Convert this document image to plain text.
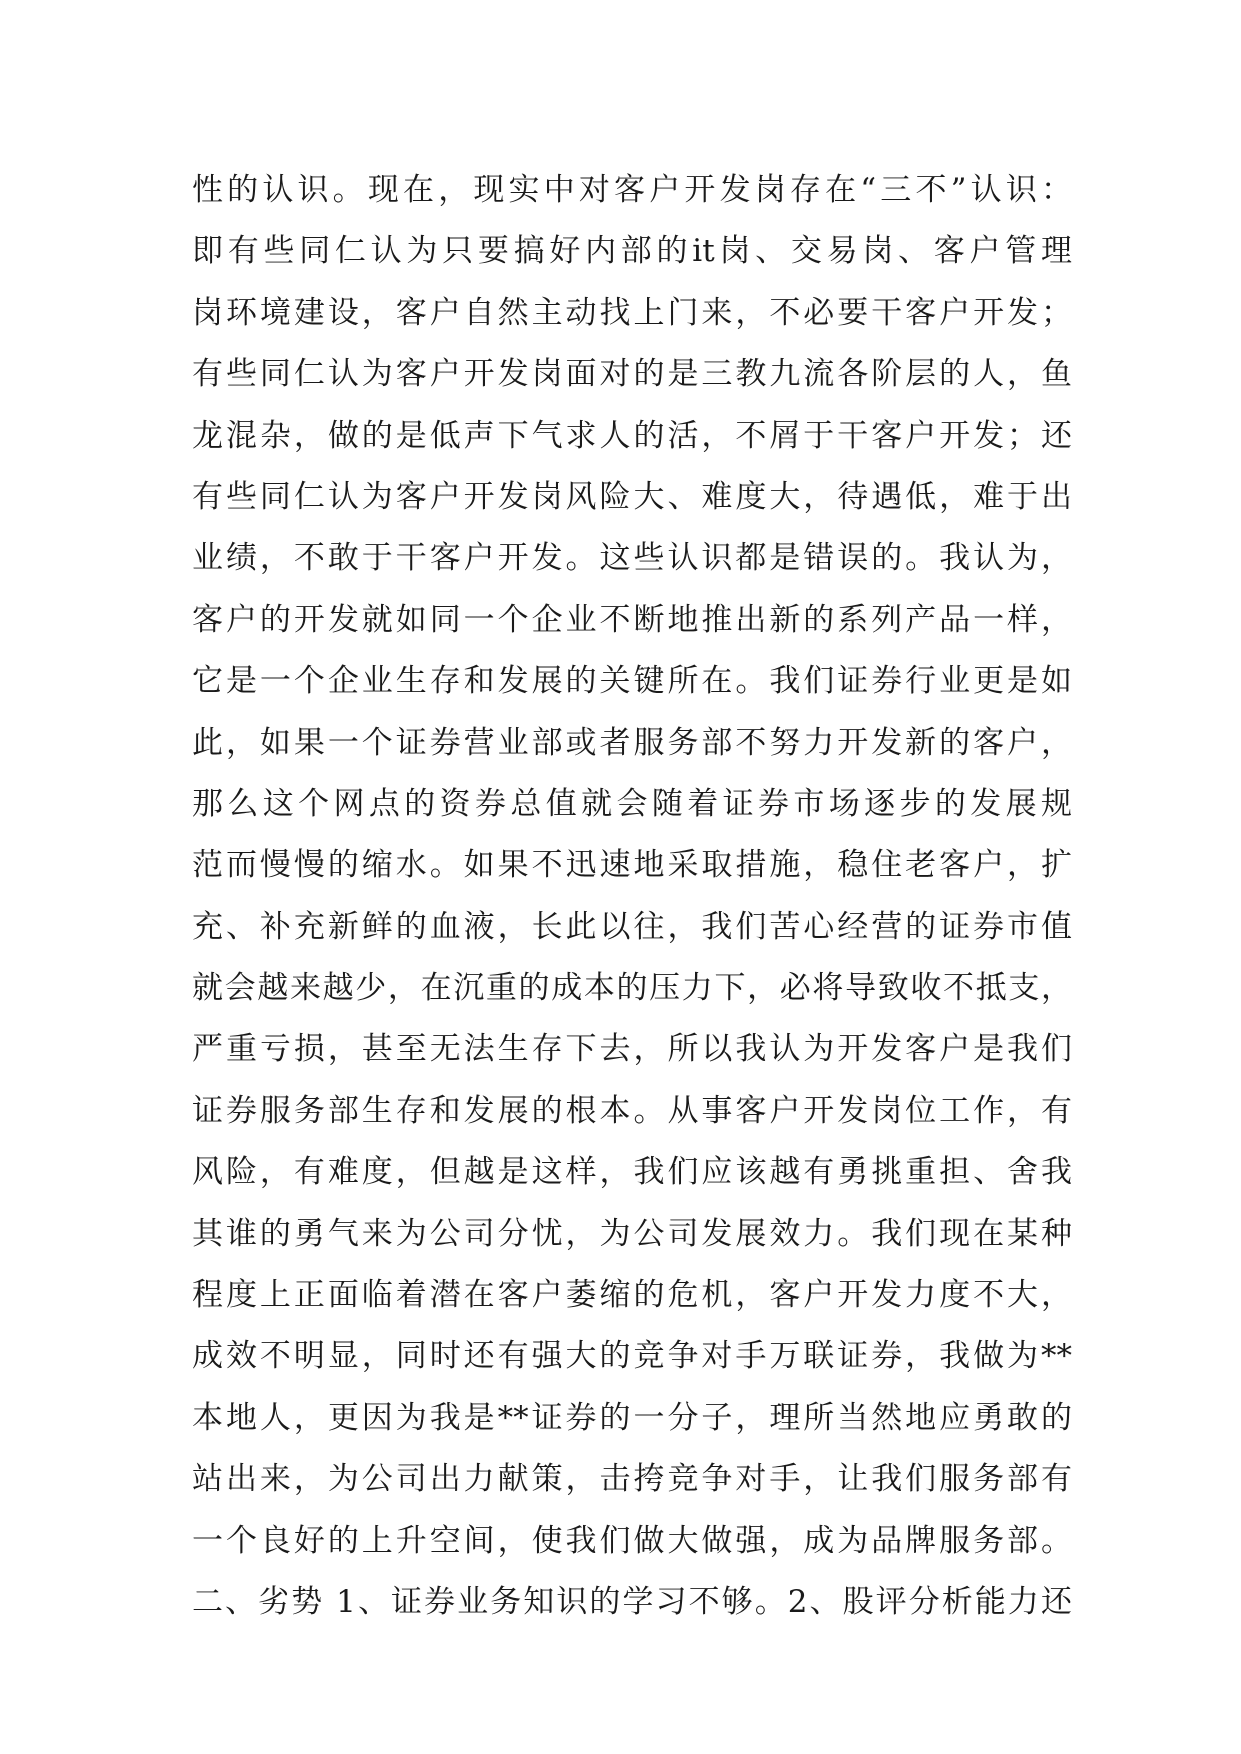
性的认识。现在，现实中对客户开发岗存在“三不”认识：
即有些同仁认为只要搞好内部的it岗、交易岗、客户管理
岗环境建设，客户自然主动找上门来，不必要干客户开发；
有些同仁认为客户开发岗面对的是三教九流各阶层的人，鱼
龙混杂，做的是低声下气求人的活，不屑于干客户开发；还
有些同仁认为客户开发岗风险大、难度大，待遇低，难于出
业绩，不敢于干客户开发。这些认识都是错误的。我认为，
客户的开发就如同一个企业不断地推出新的系列产品一样，
它是一个企业生存和发展的关键所在。我们证券行业更是如
此，如果一个证券营业部或者服务部不努力开发新的客户，
那么这个网点的资券总值就会随着证券市场逐步的发展规
范而慢慢的缩水。如果不迅速地采取措施，稳住老客户，扩
充、补充新鲜的血液，长此以往，我们苦心经营的证券市值
就会越来越少，在沉重的成本的压力下，必将导致收不抵支，
严重亏损，甚至无法生存下去，所以我认为开发客户是我们
证券服务部生存和发展的根本。从事客户开发岗位工作，有
风险，有难度，但越是这样，我们应该越有勇挑重担、舍我
其谁的勇气来为公司分忧，为公司发展效力。我们现在某种
程度上正面临着潜在客户萎缩的危机，客户开发力度不大，
成效不明显，同时还有强大的竞争对手万联证券，我做为**
本地人，更因为我是**证券的一分子，理所当然地应勇敢的
站出来，为公司出力献策，击挎竞争对手，让我们服务部有
一个良好的上升空间，使我们做大做强，成为品牌服务部。
二、劣势 1、证券业务知识的学习不够。2、股评分析能力还
